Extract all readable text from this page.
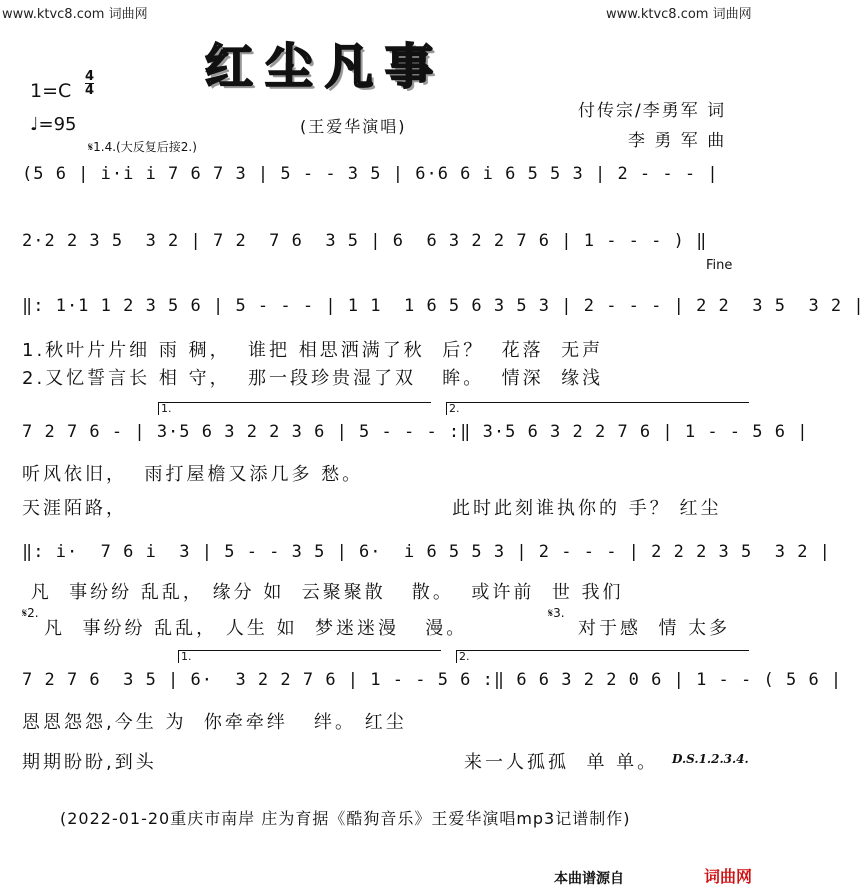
www.ktvc8.com 词曲网	www.ktvc8.com 词曲网
红尘凡事
1=C
4
4
♩=95
𝄋1.4.(大反复后接2.)
(王爱华演唱)
付传宗/李勇军 词
李 勇 军 曲
(5 6 | i·i i 7 6 7 3 | 5 - - 3 5 | 6·6 6 i 6 5 5 3 | 2 - - - |
2·2 2 3 5  3 2 | 7 2  7 6  3 5 | 6  6 3 2 2 7 6 | 1 - - - ) ‖
Fine
‖: 1·1 1 2 3 5 6 | 5 - - - | 1 1  1 6 5 6 3 5 3 | 2 - - - | 2 2  3 5  3 2 |
1.秋叶片片细 雨 稠，  谁把 相思洒满了秋  后？  花落  无声
2.又忆誓言长 相 守，  那一段珍贵湿了双   眸。  情深  缘浅
1.	2.
7 2 7 6 - | 3·5 6 3 2 2 3 6 | 5 - - - :‖ 3·5 6 3 2 2 7 6 | 1 - - 5 6 |
听风依旧，  雨打屋檐又添几多 愁。
天涯陌路，	此时此刻谁执你的 手？ 红尘
‖: i·  7 6 i  3 | 5 - - 3 5 | 6·  i 6 5 5 3 | 2 - - - | 2 2 2 3 5  3 2 |
凡  事纷纷 乱乱， 缘分 如  云聚聚散   散。  或许前  世 我们
𝄋2.
凡  事纷纷 乱乱， 人生 如  梦迷迷漫   漫。
𝄋3.
对于感  情 太多
1.	2.
7 2 7 6  3 5 | 6·  3 2 2 7 6 | 1 - - 5 6 :‖ 6 6 3 2 2 0 6 | 1 - - ( 5 6 |
恩恩怨怨,今生 为  你牵牵绊   绊。 红尘
期期盼盼,到头	来一人孤孤  单 单。 D.S.1.2.3.4.
(2022-01-20重庆市南岸 庄为育据《酷狗音乐》王爱华演唱mp3记谱制作)
本曲谱源自	词曲网
